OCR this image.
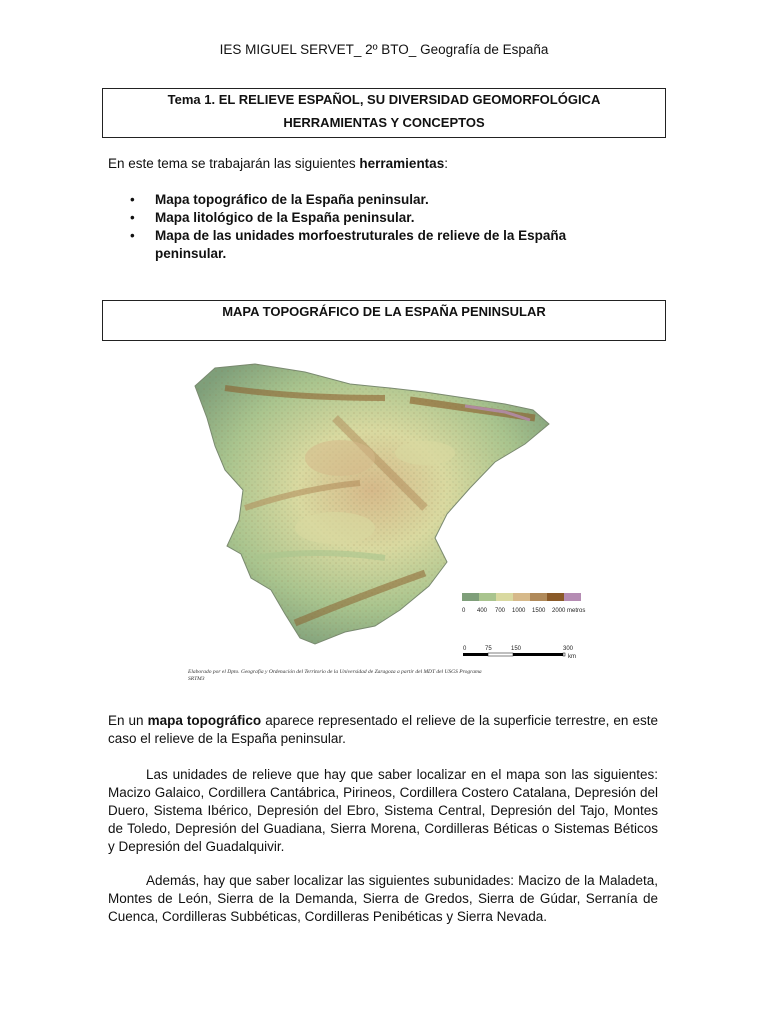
IES MIGUEL SERVET_ 2º BTO_ Geografía de España
Tema 1. EL RELIEVE ESPAÑOL, SU DIVERSIDAD GEOMORFOLÓGICA
HERRAMIENTAS Y CONCEPTOS

En este tema se trabajarán las siguientes herramientas:

• Mapa topográfico de la España peninsular.
• Mapa litológico de la España peninsular.
• Mapa de las unidades morfoestruturales de relieve de la España peninsular.
MAPA TOPOGRÁFICO DE LA ESPAÑA PENINSULAR
0 400 700 1000 1500 2000 metros
0	75	150	300
km
Elaborado por el Dpto. Geografía y Ordenación del Territorio de la Universidad de Zaragoza a partir del MDT del USGS Programa
SRTM3

En un mapa topográfico aparece representado el relieve de la superficie terrestre, en este caso el relieve de la España peninsular.

Las unidades de relieve que hay que saber localizar en el mapa son las siguientes: Macizo Galaico, Cordillera Cantábrica, Pirineos, Cordillera Costero Catalana, Depresión del Duero, Sistema Ibérico, Depresión del Ebro, Sistema Central, Depresión del Tajo, Montes de Toledo, Depresión del Guadiana, Sierra Morena, Cordilleras Béticas o Sistemas Béticos y Depresión del Guadalquivir.

Además, hay que saber localizar las siguientes subunidades: Macizo de la Maladeta, Montes de León, Sierra de la Demanda, Sierra de Gredos, Sierra de Gúdar, Serranía de Cuenca, Cordilleras Subbéticas, Cordilleras Penibéticas y Sierra Nevada.
